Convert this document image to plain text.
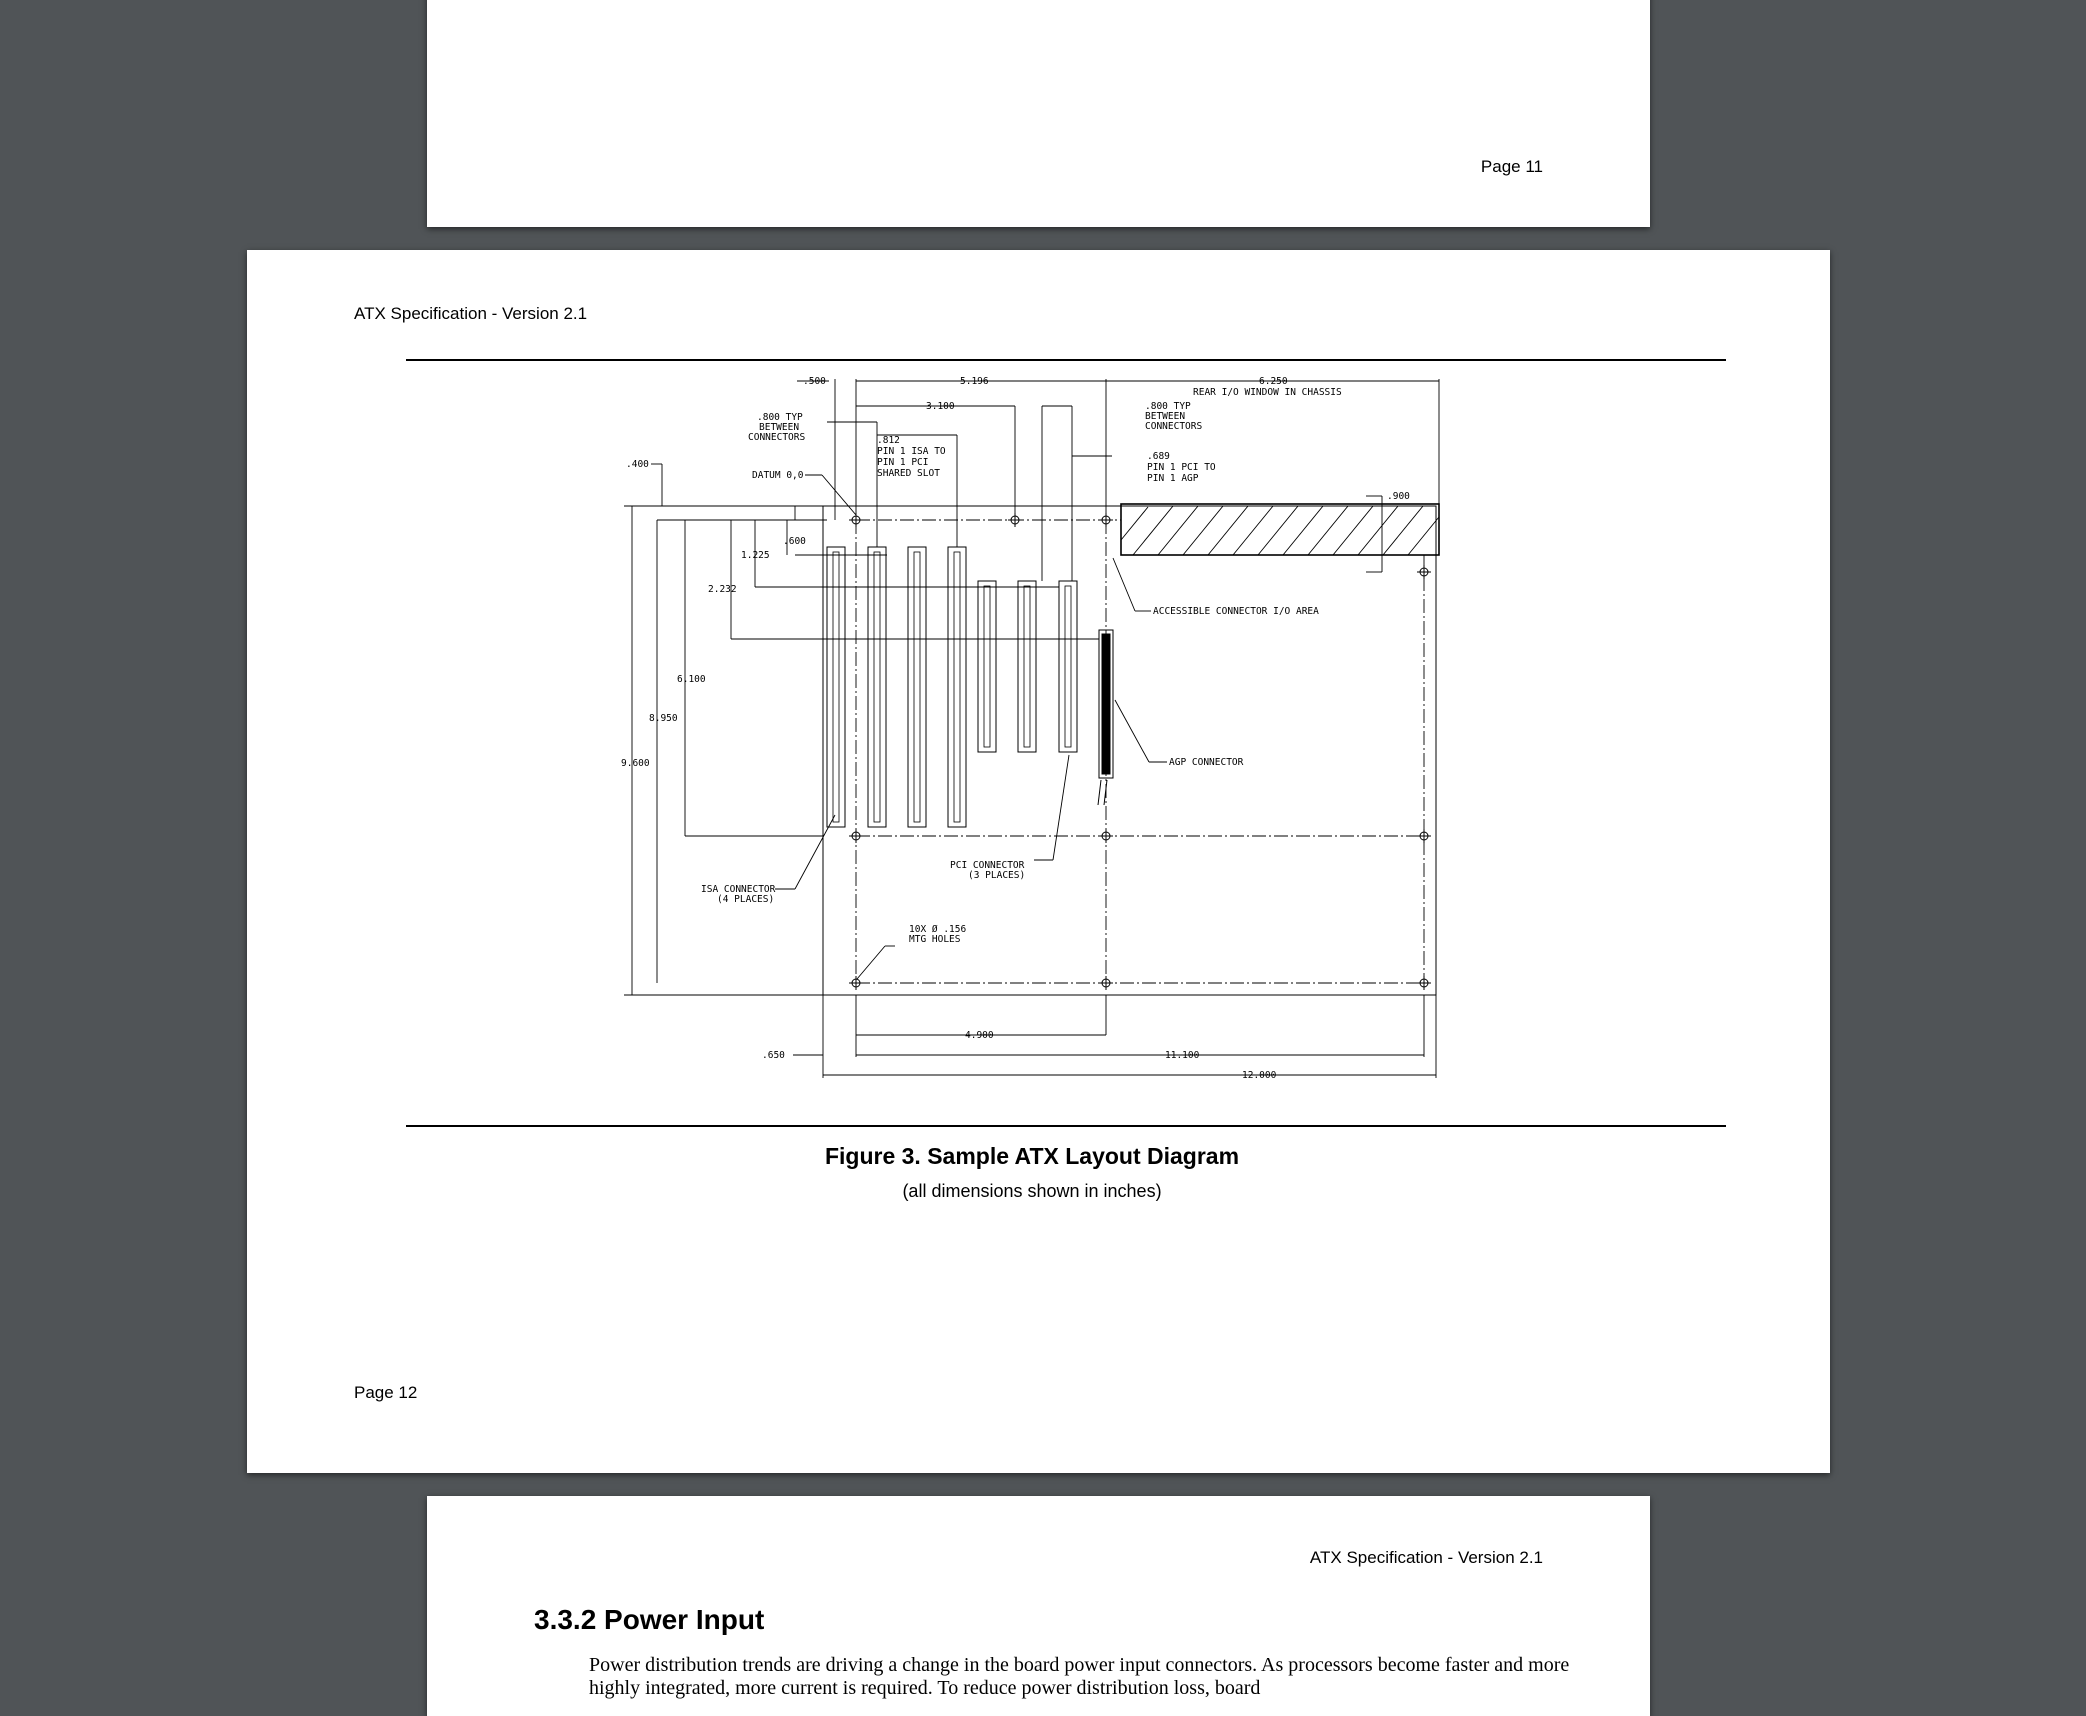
Page 11
ATX Specification - Version 2.1
.500	5.196	6.250
REAR I/O WINDOW IN CHASSIS
3.100
.800 TYP
BETWEEN
CONNECTORS
.800 TYP
BETWEEN
CONNECTORS
.812
PIN 1 ISA TO
PIN 1 PCI
SHARED SLOT
.689
PIN 1 PCI TO
PIN 1 AGP
DATUM 0,0
.400
.900
.600
1.225
2.232
6.100
8.950
9.600
ACCESSIBLE CONNECTOR I/O AREA
AGP CONNECTOR
PCI CONNECTOR
(3 PLACES)
ISA CONNECTOR
(4 PLACES)
10X Ø .156
MTG HOLES
4.900
.650	11.100
12.000
Figure 3. Sample ATX Layout Diagram
(all dimensions shown in inches)
Page 12
ATX Specification - Version 2.1
3.3.2 Power Input
Power distribution trends are driving a change in the board power input connectors. As processors become faster and more highly integrated, more current is required. To reduce power distribution loss, board
